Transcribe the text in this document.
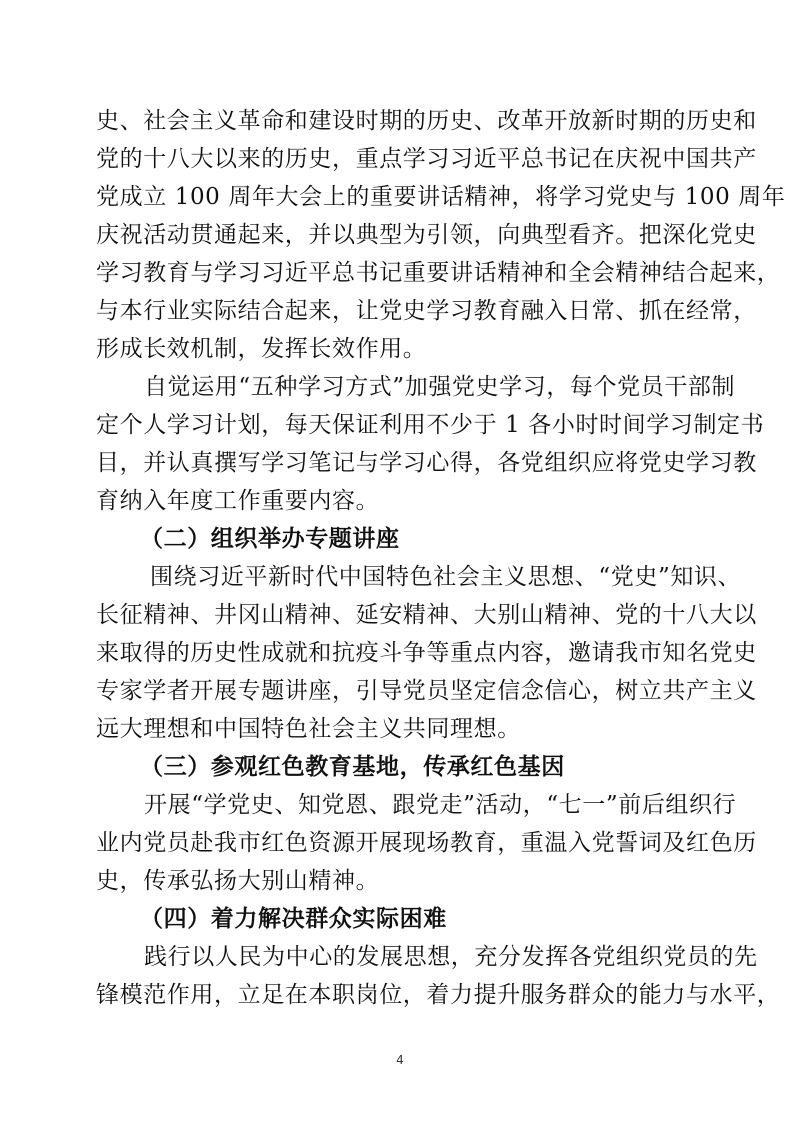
史、社会主义革命和建设时期的历史、改革开放新时期的历史和
党的十八大以来的历史，重点学习习近平总书记在庆祝中国共产
党成立 100 周年大会上的重要讲话精神，将学习党史与 100 周年
庆祝活动贯通起来，并以典型为引领，向典型看齐。把深化党史
学习教育与学习习近平总书记重要讲话精神和全会精神结合起来，
与本行业实际结合起来，让党史学习教育融入日常、抓在经常，
形成长效机制，发挥长效作用。
自觉运用“五种学习方式”加强党史学习，每个党员干部制
定个人学习计划，每天保证利用不少于 1 各小时时间学习制定书
目，并认真撰写学习笔记与学习心得，各党组织应将党史学习教
育纳入年度工作重要内容。
（二）组织举办专题讲座
围绕习近平新时代中国特色社会主义思想、“党史”知识、
长征精神、井冈山精神、延安精神、大别山精神、党的十八大以
来取得的历史性成就和抗疫斗争等重点内容，邀请我市知名党史
专家学者开展专题讲座，引导党员坚定信念信心，树立共产主义
远大理想和中国特色社会主义共同理想。
（三）参观红色教育基地，传承红色基因
开展“学党史、知党恩、跟党走”活动，“七一”前后组织行
业内党员赴我市红色资源开展现场教育，重温入党誓词及红色历
史，传承弘扬大别山精神。
（四）着力解决群众实际困难
践行以人民为中心的发展思想，充分发挥各党组织党员的先
锋模范作用，立足在本职岗位，着力提升服务群众的能力与水平，
4
